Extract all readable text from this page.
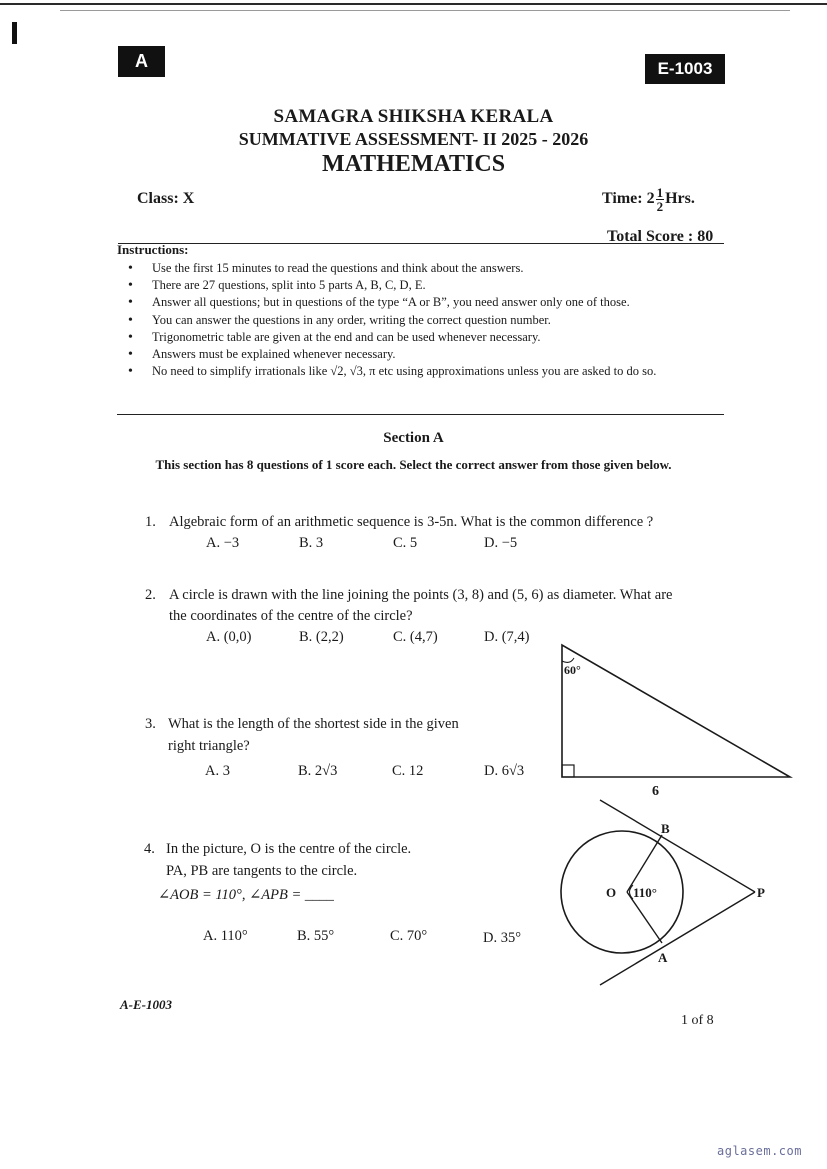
A	E-1003
SAMAGRA SHIKSHA KERALA
SUMMATIVE ASSESSMENT- II 2025 - 2026
MATHEMATICS
Class: X	Time: $2 \frac{1}{2}$ Hrs.
Total Score : 80
Instructions:
• Use the first 15 minutes to read the questions and think about the answers.
• There are 27 questions, split into 5 parts A, B, C, D, E.
• Answer all questions; but in questions of the type “A or B”, you need answer only one of those.
• You can answer the questions in any order, writing the correct question number.
• Trigonometric table are given at the end and can be used whenever necessary.
• Answers must be explained whenever necessary.
• No need to simplify irrationals like √2, √3, π etc using approximations unless you are asked to do so.
Section A
This section has 8 questions of 1 score each. Select the correct answer from those given below.
1. Algebraic form of an arithmetic sequence is 3-5n. What is the common difference ?
A. −3	B. 3	C. 5	D. −5
2. A circle is drawn with the line joining the points (3, 8) and (5, 6) as diameter. What are
the coordinates of the centre of the circle?
A. (0,0)	B. (2,2)	C. (4,7)	D. (7,4)
3. What is the length of the shortest side in the given
right triangle?
A. 3	B. 2√3	C. 12	D. 6√3
60°
6
4. In the picture, O is the centre of the circle.
PA, PB are tangents to the circle.
∠AOB = 110°, ∠APB = ____
A. 110°	B. 55°	C. 70°	D. 35°
O 110°
B
A
P
A-E-1003
1 of 8
aglasem.com
